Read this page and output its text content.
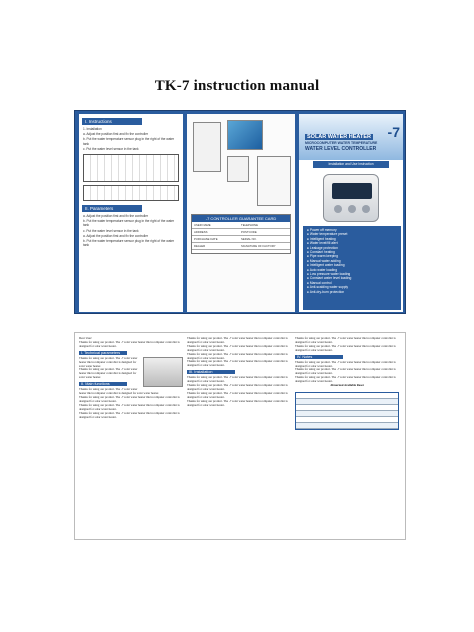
TK-7 instruction manual
I. Instructions

1. Installation

a. Adjust the position first and fix the controller

b. Put the water temperature sensor plug in the right of the water tank

c. Put the water level sensor in the tank

II. Parameters

a. Adjust the position first and fix the controller

b. Put the water temperature sensor plug in the right of the water tank

c. Put the water level sensor in the tank

a. Adjust the position first and fix the controller

b. Put the water temperature sensor plug in the right of the water tank

-7 CONTROLLER GUARANTEE CARD
USER NAME	TELEPHONE
ADDRESS	POSTCODE
PURCHASE DATE	SERIAL NO.
DEALER	SIGNATURE OF FACTORY
-7
SOLAR WATER HEATER
MICROCOMPUTER WATER TEMPERATURE
WATER LEVEL CONTROLLER
Installation and Use Instruction
● Power off memory
● Water temperature preset
● Intelligent heating
● Water level/fill alert
● Leakage protection
● Constant heating
● Pipe warm keeping
● Manual water adding
● Intelligent water loading
● Auto water loading
● Low pressure water loading
● Constant water level loading
● Manual control
● Anti-scalding water supply
● Anti-dry-burn protection
Dear User:
Thanks for using our product. The -7 solar water heater microcomputer controller is designed for solar water heater.
I. Technical parameters
Thanks for using our product. The -7 solar water heater microcomputer controller is designed for solar water heater.
Thanks for using our product. The -7 solar water heater microcomputer controller is designed for solar water heater.
II. Main functions
Thanks for using our product. The -7 solar water heater microcomputer controller is designed for solar water heater.
Thanks for using our product. The -7 solar water heater microcomputer controller is designed for solar water heater.
Thanks for using our product. The -7 solar water heater microcomputer controller is designed for solar water heater.
Thanks for using our product. The -7 solar water heater microcomputer controller is designed for solar water heater.
Thanks for using our product. The -7 solar water heater microcomputer controller is designed for solar water heater.
Thanks for using our product. The -7 solar water heater microcomputer controller is designed for solar water heater.
Thanks for using our product. The -7 solar water heater microcomputer controller is designed for solar water heater.
Thanks for using our product. The -7 solar water heater microcomputer controller is designed for solar water heater.
III. Installation
Thanks for using our product. The -7 solar water heater microcomputer controller is designed for solar water heater.
Thanks for using our product. The -7 solar water heater microcomputer controller is designed for solar water heater.
Thanks for using our product. The -7 solar water heater microcomputer controller is designed for solar water heater.
Thanks for using our product. The -7 solar water heater microcomputer controller is designed for solar water heater.
Thanks for using our product. The -7 solar water heater microcomputer controller is designed for solar water heater.
Thanks for using our product. The -7 solar water heater microcomputer controller is designed for solar water heater.
IV. Notes
Thanks for using our product. The -7 solar water heater microcomputer controller is designed for solar water heater.
Thanks for using our product. The -7 solar water heater microcomputer controller is designed for solar water heater.
Thanks for using our product. The -7 solar water heater microcomputer controller is designed for solar water heater.
Abnormal Available Reset
